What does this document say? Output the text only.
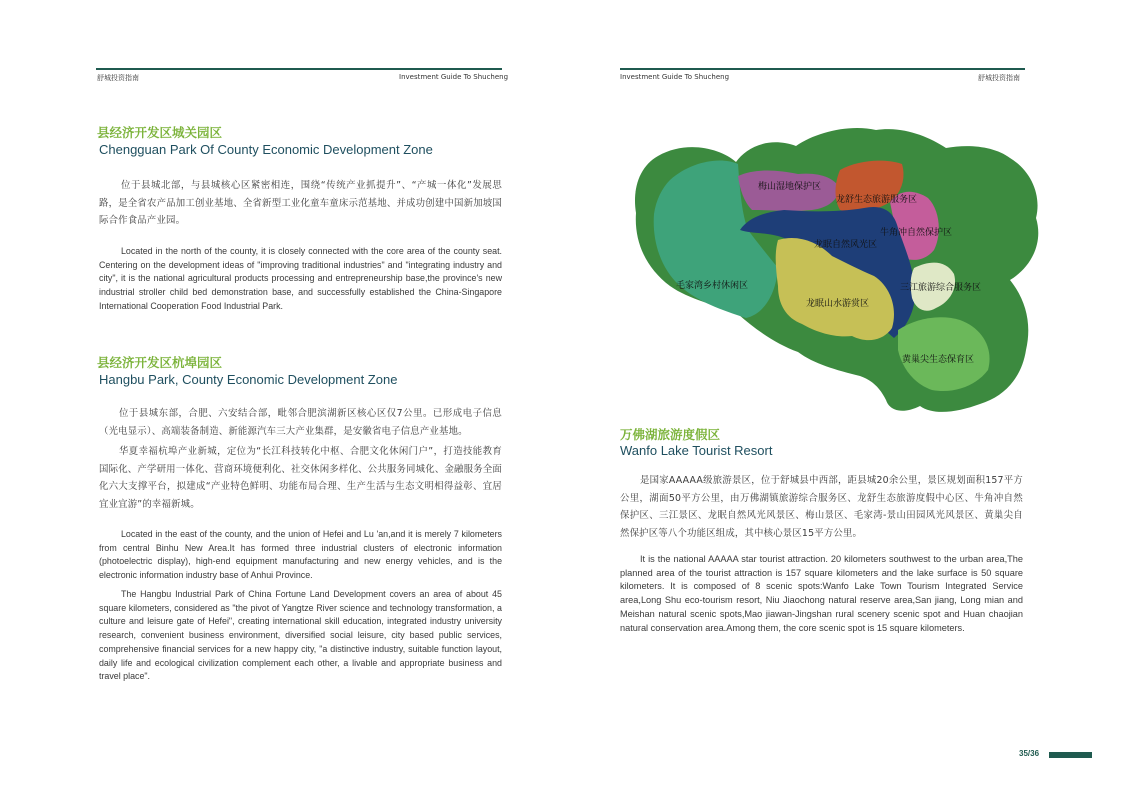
舒城投资指南	Investment Guide To Shucheng	Investment Guide To Shucheng	舒城投资指南
县经济开发区城关园区
Chengguan Park Of County Economic Development Zone
位于县城北部，与县城核心区紧密相连，围绕“传统产业抓提升”、“产城一体化”发展思路，是全省农产品加工创业基地、全省新型工业化童车童床示范基地、并成功创建中国新加坡国际合作食品产业园。
Located in the north of the county, it is closely connected with the core area of the county seat. Centering on the development ideas of "improving traditional industries" and "integrating industry and city", it is the national agricultural products processing and entrepreneurship base,the province's new industrial stroller child bed demonstration base, and successfully established the China-Singapore International Cooperation Food Industrial Park.
县经济开发区杭埠园区
Hangbu Park, County Economic Development Zone
位于县城东部，合肥、六安结合部，毗邻合肥滨湖新区核心区仅7公里。已形成电子信息（光电显示）、高端装备制造、新能源汽车三大产业集群，是安徽省电子信息产业基地。
华夏幸福杭埠产业新城，定位为“长江科技转化中枢、合肥文化休闲门户”，打造技能教育国际化、产学研用一体化、营商环境便利化、社交休闲多样化、公共服务同城化、金融服务全面化六大支撑平台，拟建成“产业特色鲜明、功能布局合理、生产生活与生态文明相得益彰、宜居宜业宜游”的幸福新城。
Located in the east of the county, and the union of Hefei and Lu 'an,and it is merely 7 kilometers from central Binhu New Area.It has formed three industrial clusters of electronic information (photoelectric display), high-end equipment manufacturing and new energy vehicles, and is the electronic information industry base of Anhui Province.
The Hangbu Industrial Park of China Fortune Land Development covers an area of about 45 square kilometers, considered as "the pivot of Yangtze River science and technology transformation, a culture and leisure gate of Hefei", creating international skill education, integrated industry university research, convenient business environment, diversified social leisure, city based public services, comprehensive financial services for a new happy city, "a distinctive industry, suitable function layout, daily life and ecological civilization complement each other, a livable and appropriate business and travel place".
梅山湿地保护区
龙舒生态旅游服务区
牛角冲自然保护区
龙眠自然风光区
毛家湾乡村休闲区	三江旅游综合服务区
龙眠山水游赏区
黄巢尖生态保育区
万佛湖旅游度假区
Wanfo Lake Tourist Resort
是国家AAAAA级旅游景区，位于舒城县中西部，距县城20余公里，景区规划面积157平方公里，湖面50平方公里，由万佛湖镇旅游综合服务区、龙舒生态旅游度假中心区、牛角冲自然保护区、三江景区、龙眠自然风光风景区、梅山景区、毛家湾-景山田园风光风景区、黄巢尖自然保护区等八个功能区组成，其中核心景区15平方公里。
It is the national AAAAA star tourist attraction. 20 kilometers southwest to the urban area,The planned area of the tourist attraction is 157 square kilometers and the lake surface is 50 square kilometers. It is composed of 8 scenic spots:Wanfo Lake Town Tourism Integrated Service area,Long Shu eco-tourism resort, Niu Jiaochong natural reserve area,San jiang, Long mian and Meishan natural scenic spots,Mao jiawan-Jingshan rural scenery scenic spot and Huan chaojian natural conservation area.Among them, the core scenic spot is 15 square kilometers.
35/36
